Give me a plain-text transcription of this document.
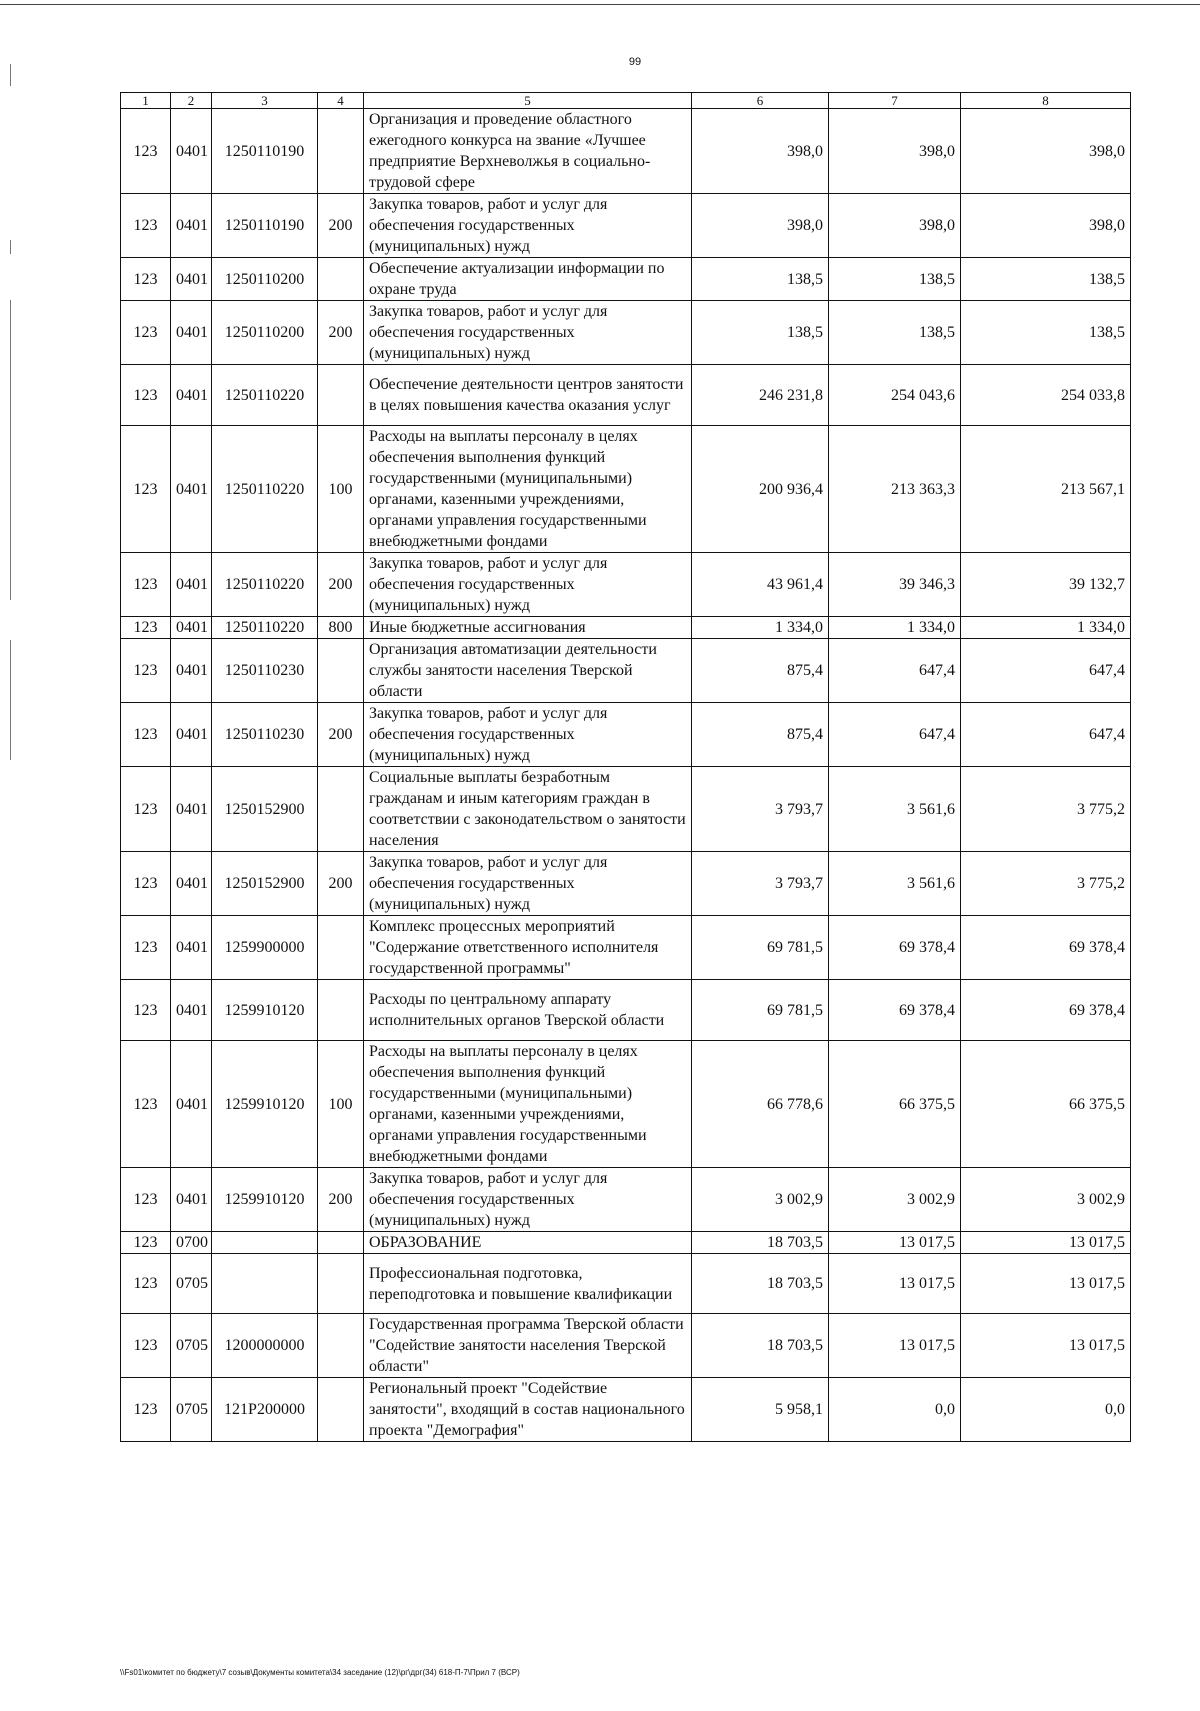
99
1	2	3	4	5	6	7	8
123	0401	1250110190		Организация и проведение областного ежегодного конкурса на звание «Лучшее предприятие Верхневолжья в социально-трудовой сфере	398,0	398,0	398,0
123	0401	1250110190	200	Закупка товаров, работ и услуг для обеспечения государственных (муниципальных) нужд	398,0	398,0	398,0
123	0401	1250110200		Обеспечение актуализации информации по охране труда	138,5	138,5	138,5
123	0401	1250110200	200	Закупка товаров, работ и услуг для обеспечения государственных (муниципальных) нужд	138,5	138,5	138,5
123	0401	1250110220		Обеспечение деятельности центров занятости в целях повышения качества оказания услуг	246 231,8	254 043,6	254 033,8
123	0401	1250110220	100	Расходы на выплаты персоналу в целях обеспечения выполнения функций государственными (муниципальными) органами, казенными учреждениями, органами управления государственными внебюджетными фондами	200 936,4	213 363,3	213 567,1
123	0401	1250110220	200	Закупка товаров, работ и услуг для обеспечения государственных (муниципальных) нужд	43 961,4	39 346,3	39 132,7
123	0401	1250110220	800	Иные бюджетные ассигнования	1 334,0	1 334,0	1 334,0
123	0401	1250110230		Организация автоматизации деятельности службы занятости населения Тверской области	875,4	647,4	647,4
123	0401	1250110230	200	Закупка товаров, работ и услуг для обеспечения государственных (муниципальных) нужд	875,4	647,4	647,4
123	0401	1250152900		Социальные выплаты безработным гражданам и иным категориям граждан в соответствии с законодательством о занятости населения	3 793,7	3 561,6	3 775,2
123	0401	1250152900	200	Закупка товаров, работ и услуг для обеспечения государственных (муниципальных) нужд	3 793,7	3 561,6	3 775,2
123	0401	1259900000		Комплекс процессных мероприятий "Содержание ответственного исполнителя государственной программы"	69 781,5	69 378,4	69 378,4
123	0401	1259910120		Расходы по центральному аппарату исполнительных органов Тверской области	69 781,5	69 378,4	69 378,4
123	0401	1259910120	100	Расходы на выплаты персоналу в целях обеспечения выполнения функций государственными (муниципальными) органами, казенными учреждениями, органами управления государственными внебюджетными фондами	66 778,6	66 375,5	66 375,5
123	0401	1259910120	200	Закупка товаров, работ и услуг для обеспечения государственных (муниципальных) нужд	3 002,9	3 002,9	3 002,9
123	0700			ОБРАЗОВАНИЕ	18 703,5	13 017,5	13 017,5
123	0705			Профессиональная подготовка, переподготовка и повышение квалификации	18 703,5	13 017,5	13 017,5
123	0705	1200000000		Государственная программа Тверской области "Содействие занятости населения Тверской области"	18 703,5	13 017,5	13 017,5
123	0705	121Р200000		Региональный проект "Содействие занятости", входящий в состав национального проекта "Демография"	5 958,1	0,0	0,0
\\Fs01\комитет по бюджету\7 созыв\Документы комитета\34 заседание (12)\рг\дрг(34) 618-П-7\Прил 7 (ВСР)
